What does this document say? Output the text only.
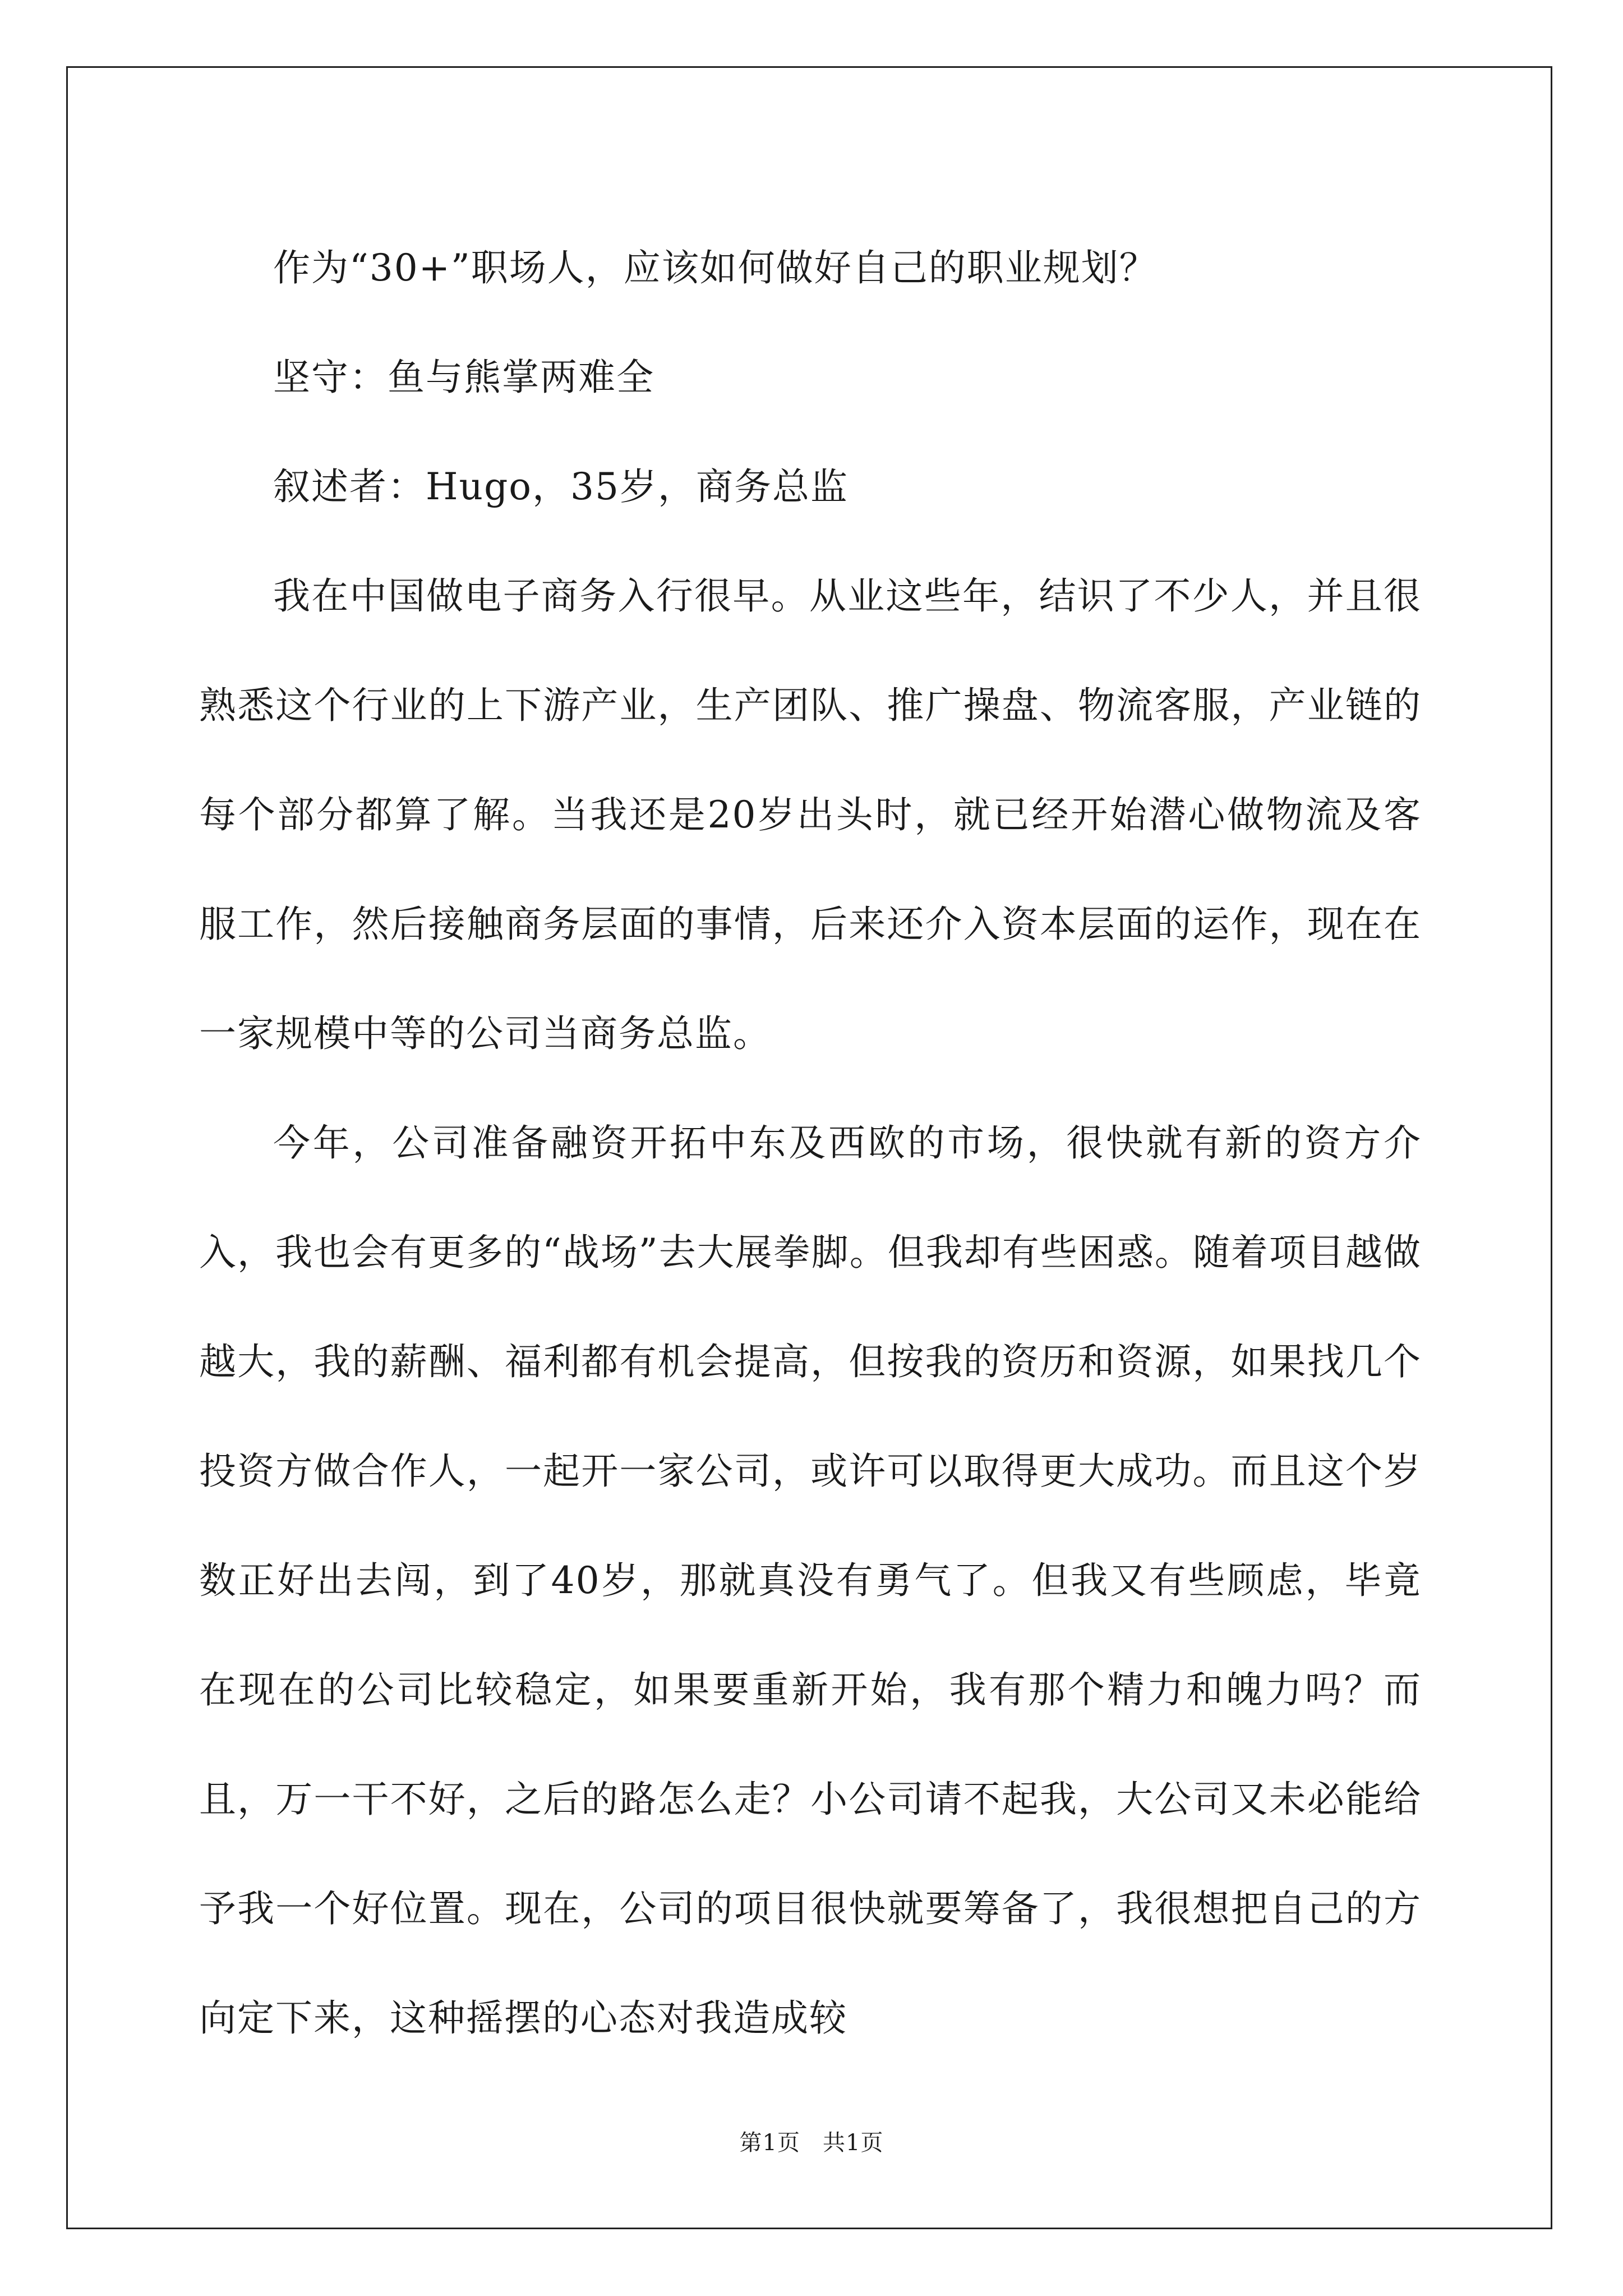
作为“30+”职场人，应该如何做好自己的职业规划？

坚守：鱼与熊掌两难全

叙述者：Hugo，35岁，商务总监

我在中国做电子商务入行很早。从业这些年，结识了不少人，并且很熟悉这个行业的上下游产业，生产团队、推广操盘、物流客服，产业链的每个部分都算了解。当我还是20岁出头时，就已经开始潜心做物流及客服工作，然后接触商务层面的事情，后来还介入资本层面的运作，现在在一家规模中等的公司当商务总监。

今年，公司准备融资开拓中东及西欧的市场，很快就有新的资方介入，我也会有更多的“战场”去大展拳脚。但我却有些困惑。随着项目越做越大，我的薪酬、福利都有机会提高，但按我的资历和资源，如果找几个投资方做合作人，一起开一家公司，或许可以取得更大成功。而且这个岁数正好出去闯，到了40岁，那就真没有勇气了。但我又有些顾虑，毕竟在现在的公司比较稳定，如果要重新开始，我有那个精力和魄力吗？而且，万一干不好，之后的路怎么走？小公司请不起我，大公司又未必能给予我一个好位置。现在，公司的项目很快就要筹备了，我很想把自己的方向定下来，这种摇摆的心态对我造成较

第1页 共1页
